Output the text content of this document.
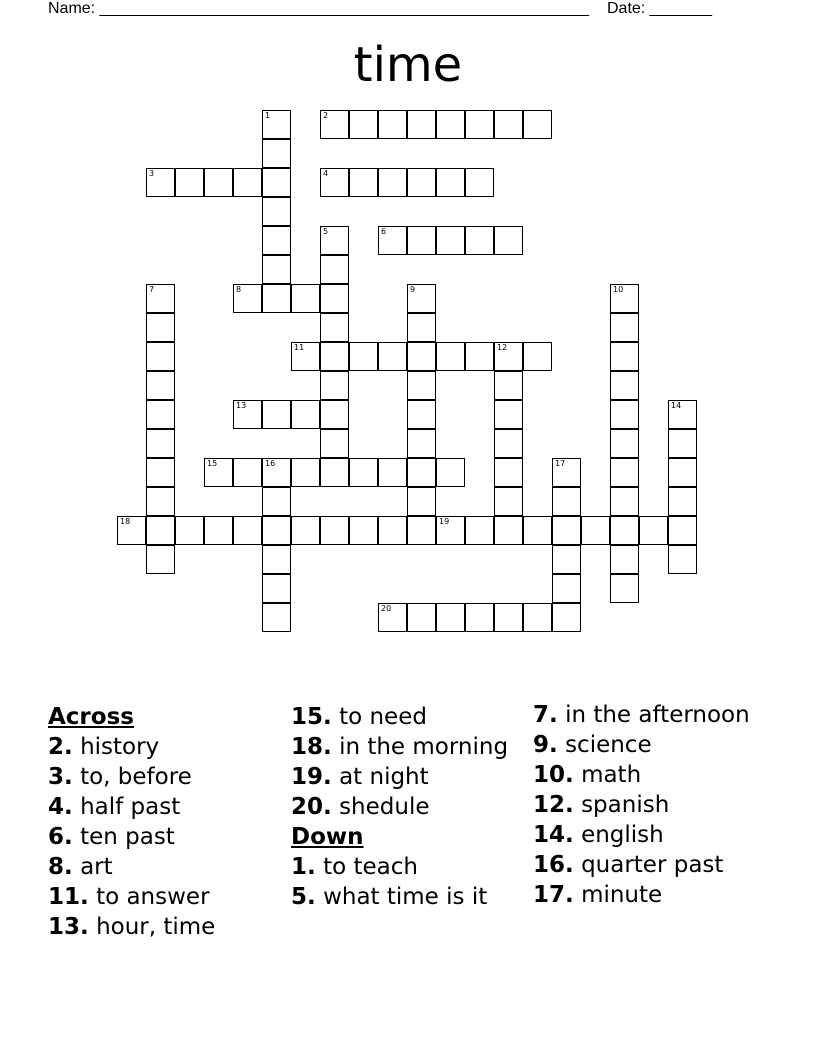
Name: _______________________________________________________ Date: _______
time
1	2
3	4
5	6
7	8	9	10
11	12
13	14
15	16	17
18	19
20
Across
2. history
3. to, before
4. half past
6. ten past
8. art
11. to answer
13. hour, time
15. to need
18. in the morning
19. at night
20. shedule
Down
1. to teach
5. what time is it
7. in the afternoon
9. science
10. math
12. spanish
14. english
16. quarter past
17. minute
